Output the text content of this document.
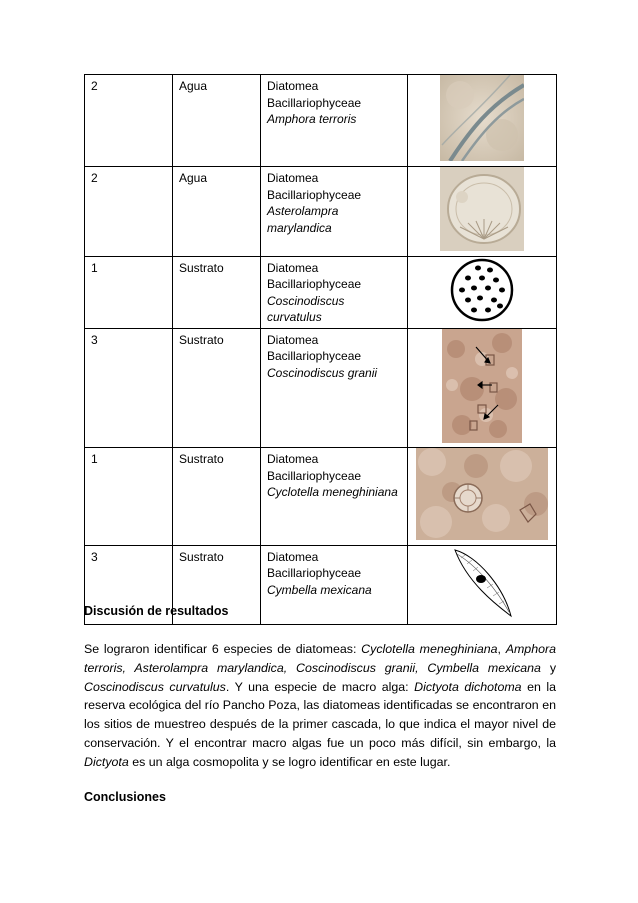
2	Agua	Diatomea
Bacillariophyceae
Amphora terroris

2	Agua	Diatomea
Bacillariophyceae
Asterolampra marylandica

1	Sustrato	Diatomea
Bacillariophyceae
Coscinodiscus curvatulus

3	Sustrato	Diatomea
Bacillariophyceae
Coscinodiscus granii

1	Sustrato	Diatomea
Bacillariophyceae
Cyclotella meneghiniana

3	Sustrato	Diatomea
Bacillariophyceae
Cymbella mexicana

Discusión de resultados

Se lograron identificar 6 especies de diatomeas: Cyclotella meneghiniana, Amphora terroris, Asterolampra marylandica, Coscinodiscus granii, Cymbella mexicana y Coscinodiscus curvatulus. Y una especie de macro alga: Dictyota dichotoma en la reserva ecológica del río Pancho Poza, las diatomeas identificadas se encontraron en los sitios de muestreo después de la primer cascada, lo que indica el mayor nivel de conservación. Y el encontrar macro algas fue un poco más difícil, sin embargo, la Dictyota es un alga cosmopolita y se logro identificar en este lugar.

Conclusiones
